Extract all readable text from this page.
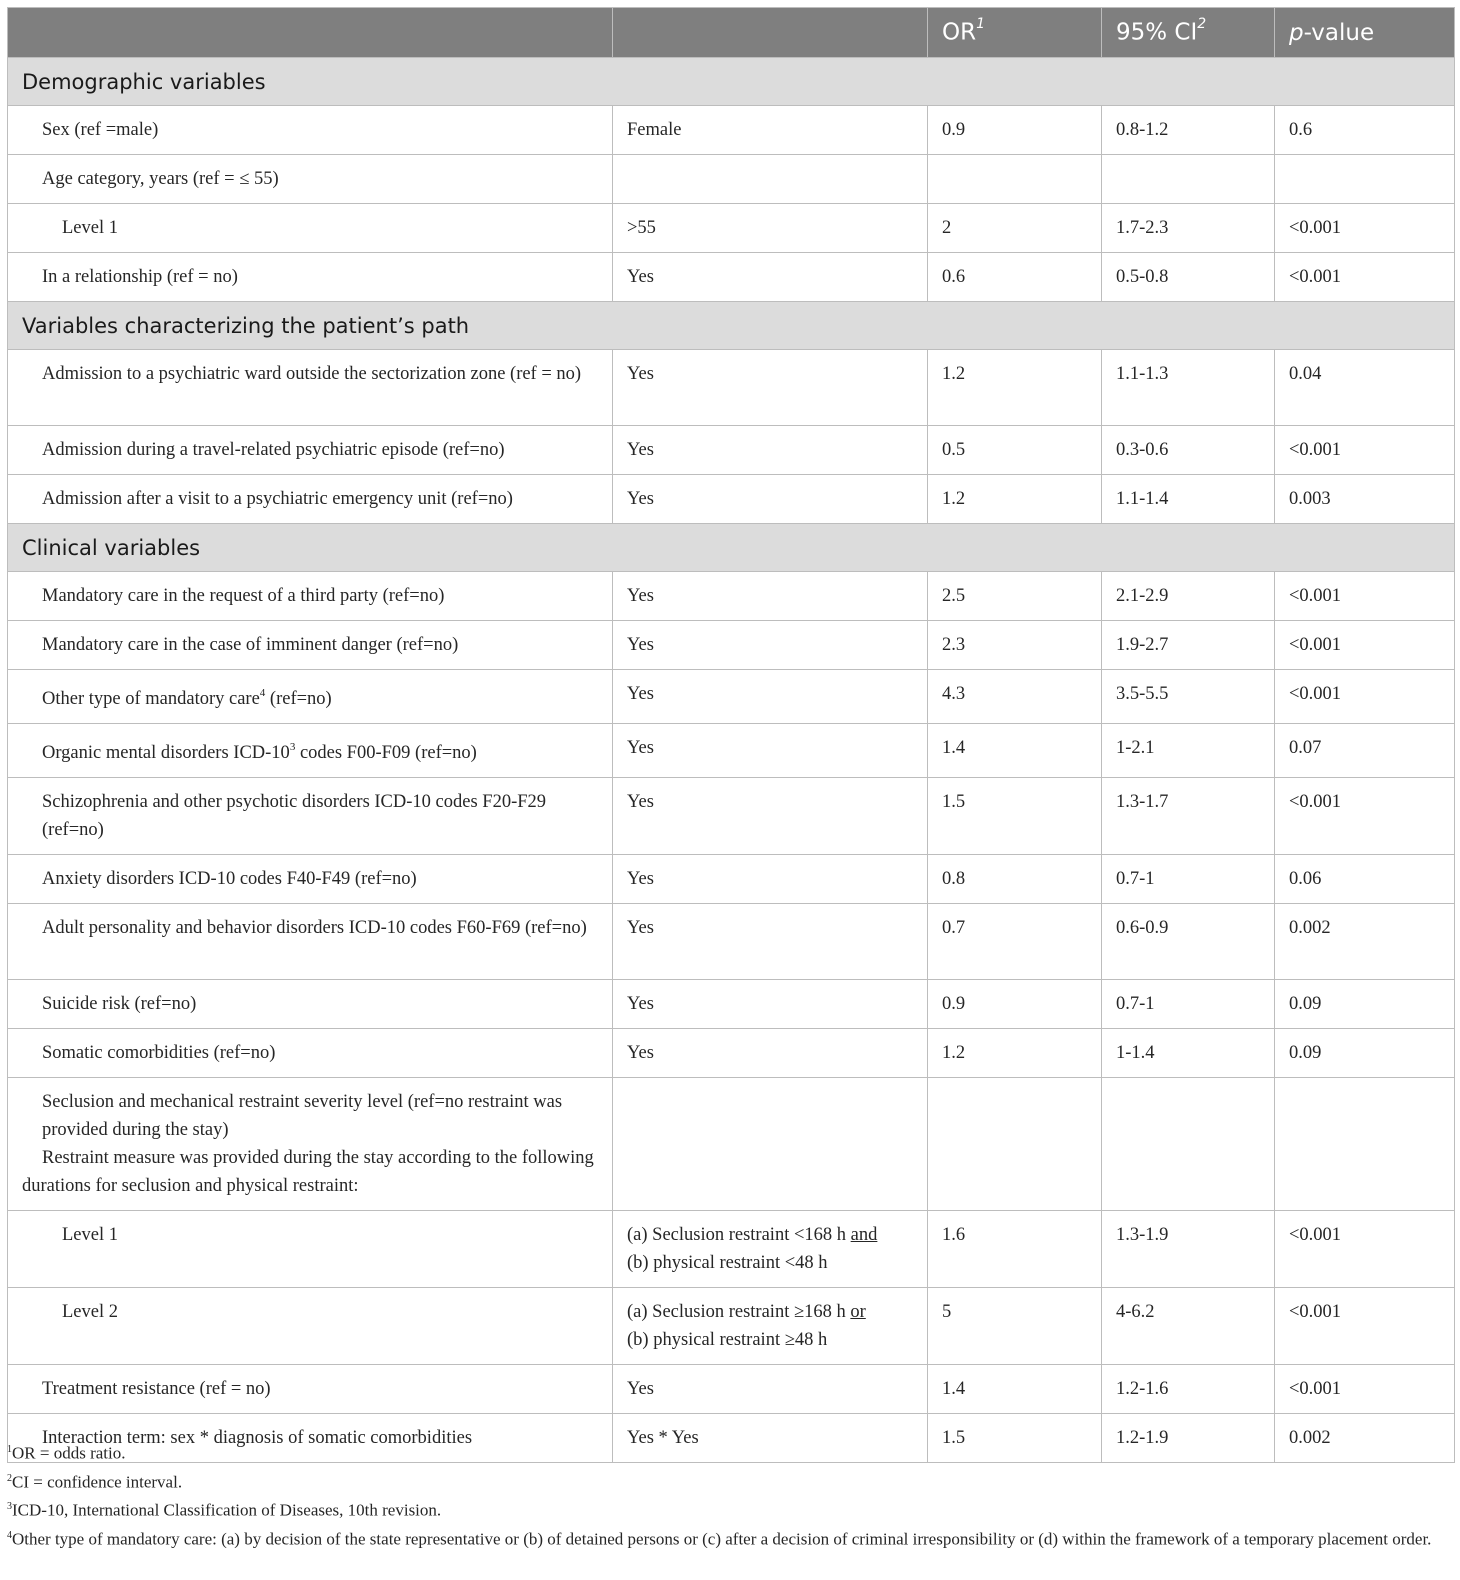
		$OR^1$	95% $CI^2$	p-value
Demographic variables				
Sex (ref =male)	Female	0.9	0.8-1.2	0.6
Age category, years (ref = ≤ 55)				
Level 1	>55	2	1.7-2.3	<0.001
In a relationship (ref = no)	Yes	0.6	0.5-0.8	<0.001
Variables characterizing the patient’s path				
Admission to a psychiatric ward outside the sectorization zone (ref = no)	Yes	1.2	1.1-1.3	0.04
Admission during a travel-related psychiatric episode (ref=no)	Yes	0.5	0.3-0.6	<0.001
Admission after a visit to a psychiatric emergency unit (ref=no)	Yes	1.2	1.1-1.4	0.003
Clinical variables				
Mandatory care in the request of a third party (ref=no)	Yes	2.5	2.1-2.9	<0.001
Mandatory care in the case of imminent danger (ref=no)	Yes	2.3	1.9-2.7	<0.001
Other type of mandatory care$^4$ (ref=no)	Yes	4.3	3.5-5.5	<0.001
Organic mental disorders ICD-10$^3$ codes F00-F09 (ref=no)	Yes	1.4	1-2.1	0.07
Schizophrenia and other psychotic disorders ICD-10 codes F20-F29 (ref=no)	Yes	1.5	1.3-1.7	<0.001
Anxiety disorders ICD-10 codes F40-F49 (ref=no)	Yes	0.8	0.7-1	0.06
Adult personality and behavior disorders ICD-10 codes F60-F69 (ref=no)	Yes	0.7	0.6-0.9	0.002
Suicide risk (ref=no)	Yes	0.9	0.7-1	0.09
Somatic comorbidities (ref=no)	Yes	1.2	1-1.4	0.09

Seclusion and mechanical restraint severity level (ref=no restraint was provided during the stay)
Restraint measure was provided during the stay according to the following durations for seclusion and physical restraint:				

Level 1	(a) Seclusion restraint <168 h and
(b) physical restraint <48 h	1.6	1.3-1.9	<0.001
Level 2	(a) Seclusion restraint ≥168 h or
(b) physical restraint ≥48 h	5	4-6.2	<0.001
Treatment resistance (ref = no)	Yes	1.4	1.2-1.6	<0.001
Interaction term: sex * diagnosis of somatic comorbidities	Yes * Yes	1.5	1.2-1.9	0.002
$^1$OR = odds ratio.
$^2$CI = confidence interval.
$^3$ICD-10, International Classification of Diseases, 10th revision.
$^4$Other type of mandatory care: (a) by decision of the state representative or (b) of detained persons or (c) after a decision of criminal irresponsibility or (d) within the framework of a temporary placement order.
